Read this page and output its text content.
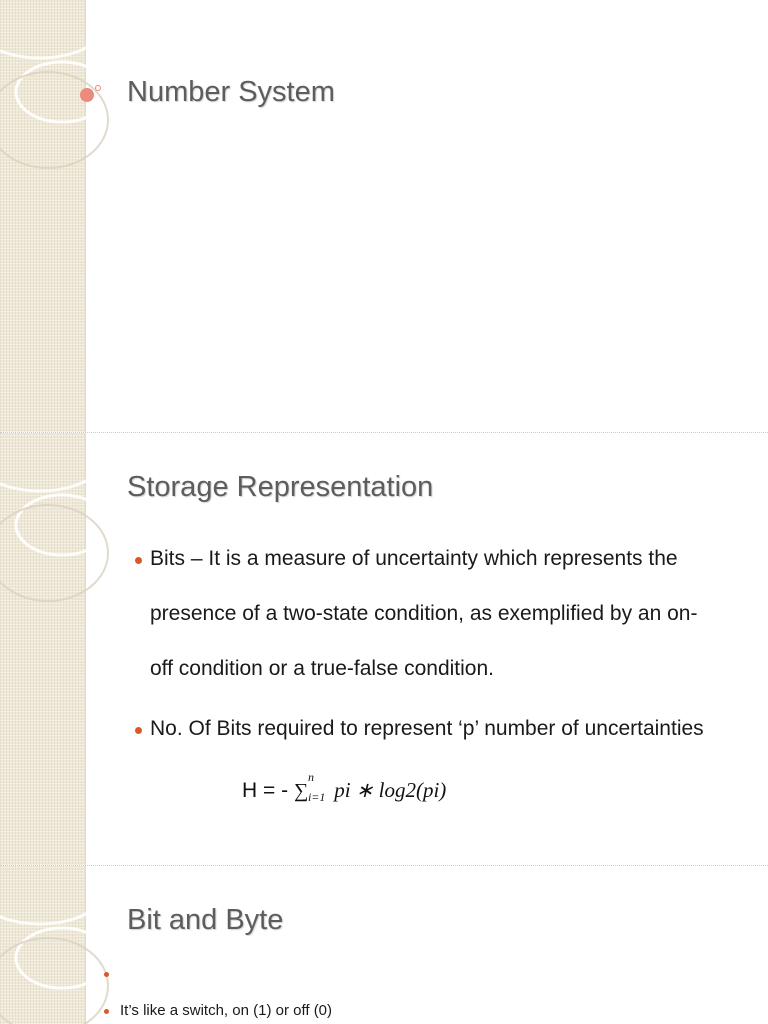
Number System
Storage Representation
Bits – It is a measure of uncertainty which represents the
presence of a two-state condition, as exemplified by an on-
off condition or a true-false condition.
No. Of Bits required to represent ‘p’ number of uncertainties
H = - ∑
n
i=1 pi ∗ log2(pi)
Bit and Byte
It’s like a switch, on (1) or off (0)
